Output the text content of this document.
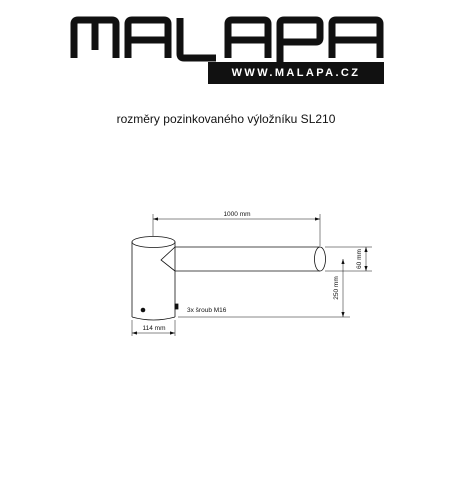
WWW.MALAPA.CZ
rozměry pozinkovaného výložníku SL210
1000 mm
60 mm
250 mm
114 mm
3x šroub M16
